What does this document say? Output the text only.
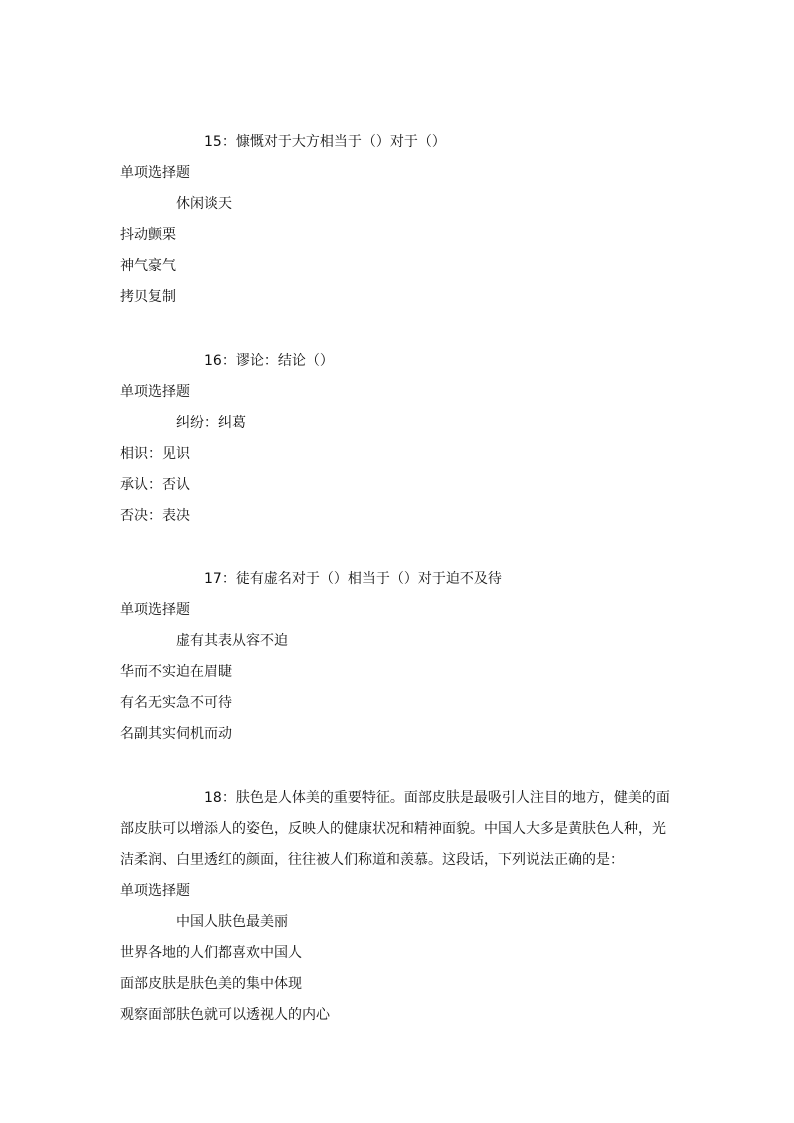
15：慷慨对于大方相当于（）对于（）
单项选择题
休闲谈天
抖动颤栗
神气豪气
拷贝复制
16：谬论：结论（）
单项选择题
纠纷：纠葛
相识：见识
承认：否认
否决：表决
17：徒有虚名对于（）相当于（）对于迫不及待
单项选择题
虚有其表从容不迫
华而不实迫在眉睫
有名无实急不可待
名副其实伺机而动
18：肤色是人体美的重要特征。面部皮肤是最吸引人注目的地方，健美的面
部皮肤可以增添人的姿色，反映人的健康状况和精神面貌。中国人大多是黄肤色人种，光
洁柔润、白里透红的颜面，往往被人们称道和羡慕。这段话，下列说法正确的是：
单项选择题
中国人肤色最美丽
世界各地的人们都喜欢中国人
面部皮肤是肤色美的集中体现
观察面部肤色就可以透视人的内心
